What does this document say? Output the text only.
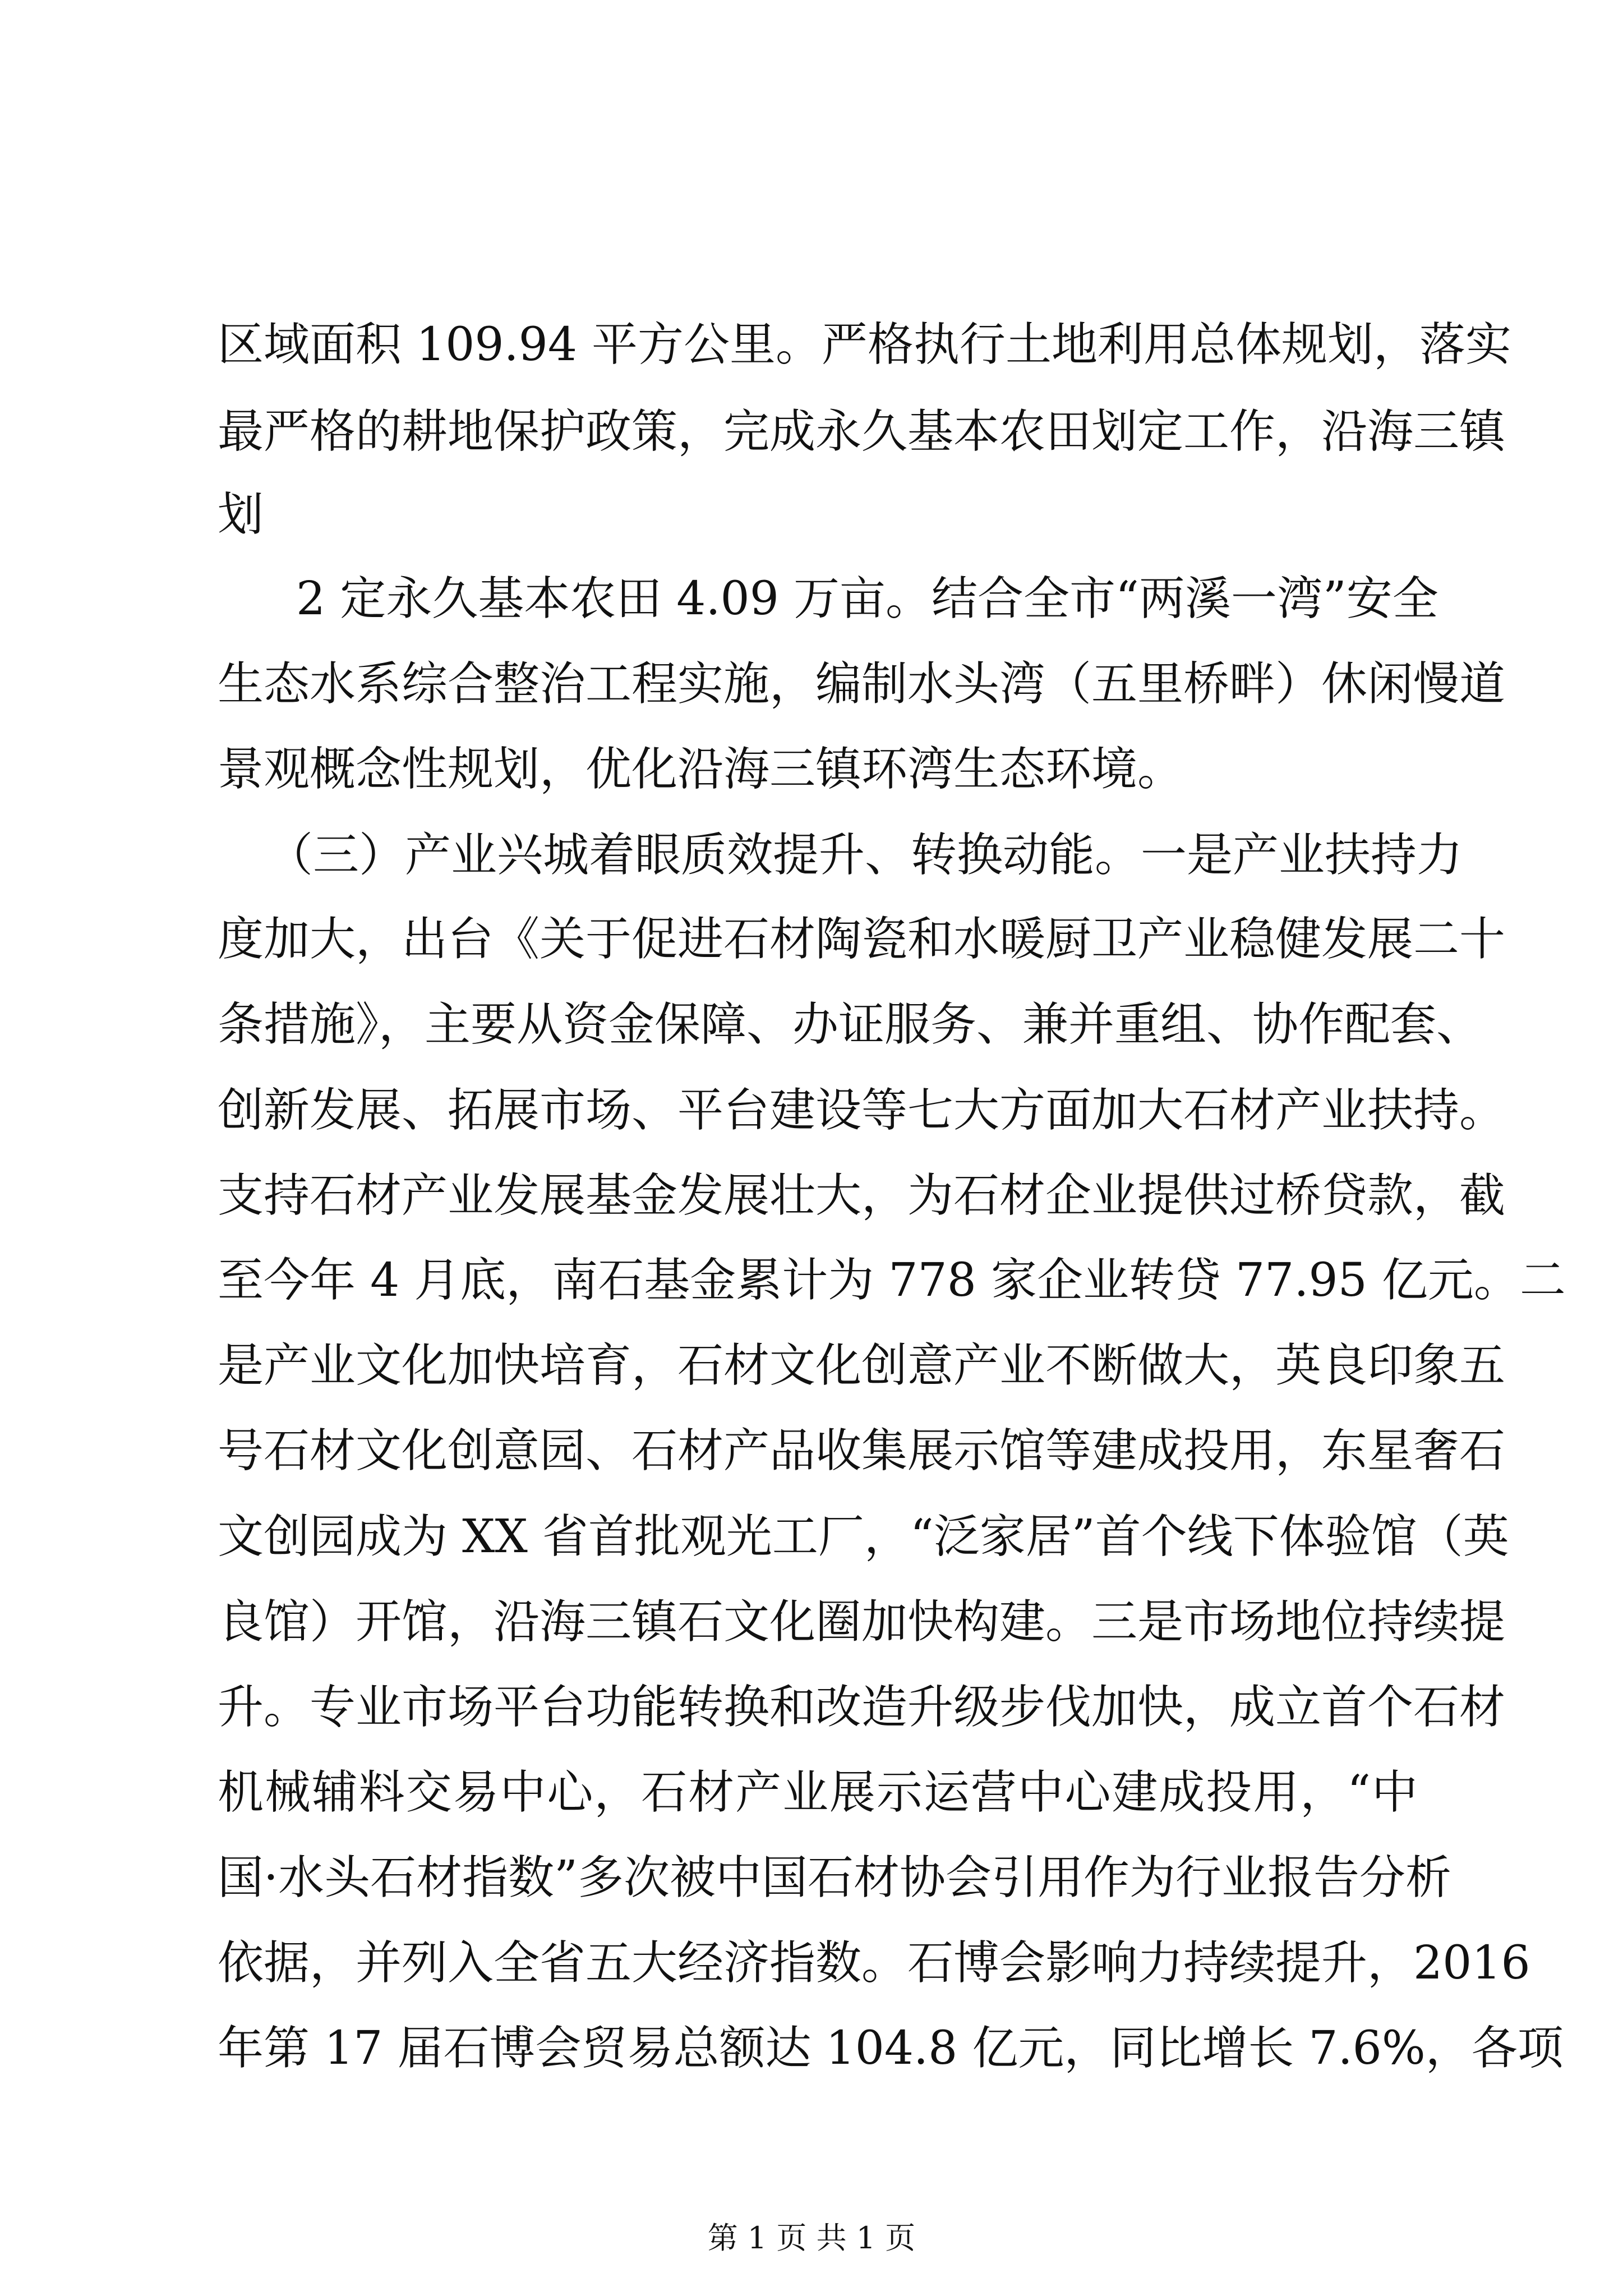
区域面积 109.94 平方公里。严格执行土地利用总体规划，落实
最严格的耕地保护政策，完成永久基本农田划定工作，沿海三镇
划
2 定永久基本农田 4.09 万亩。结合全市“两溪一湾”安全
生态水系综合整治工程实施，编制水头湾（五里桥畔）休闲慢道
景观概念性规划，优化沿海三镇环湾生态环境。
（三）产业兴城着眼质效提升、转换动能。一是产业扶持力
度加大，出台《关于促进石材陶瓷和水暖厨卫产业稳健发展二十
条措施》，主要从资金保障、办证服务、兼并重组、协作配套、
创新发展、拓展市场、平台建设等七大方面加大石材产业扶持。
支持石材产业发展基金发展壮大，为石材企业提供过桥贷款，截
至今年 4 月底，南石基金累计为 778 家企业转贷 77.95 亿元。二
是产业文化加快培育，石材文化创意产业不断做大，英良印象五
号石材文化创意园、石材产品收集展示馆等建成投用，东星奢石
文创园成为 XX 省首批观光工厂，“泛家居”首个线下体验馆（英
良馆）开馆，沿海三镇石文化圈加快构建。三是市场地位持续提
升。专业市场平台功能转换和改造升级步伐加快，成立首个石材
机械辅料交易中心，石材产业展示运营中心建成投用，“中
国·水头石材指数”多次被中国石材协会引用作为行业报告分析
依据，并列入全省五大经济指数。石博会影响力持续提升，2016
年第 17 届石博会贸易总额达 104.8 亿元，同比增长 7.6%，各项
第 1 页 共 1 页
